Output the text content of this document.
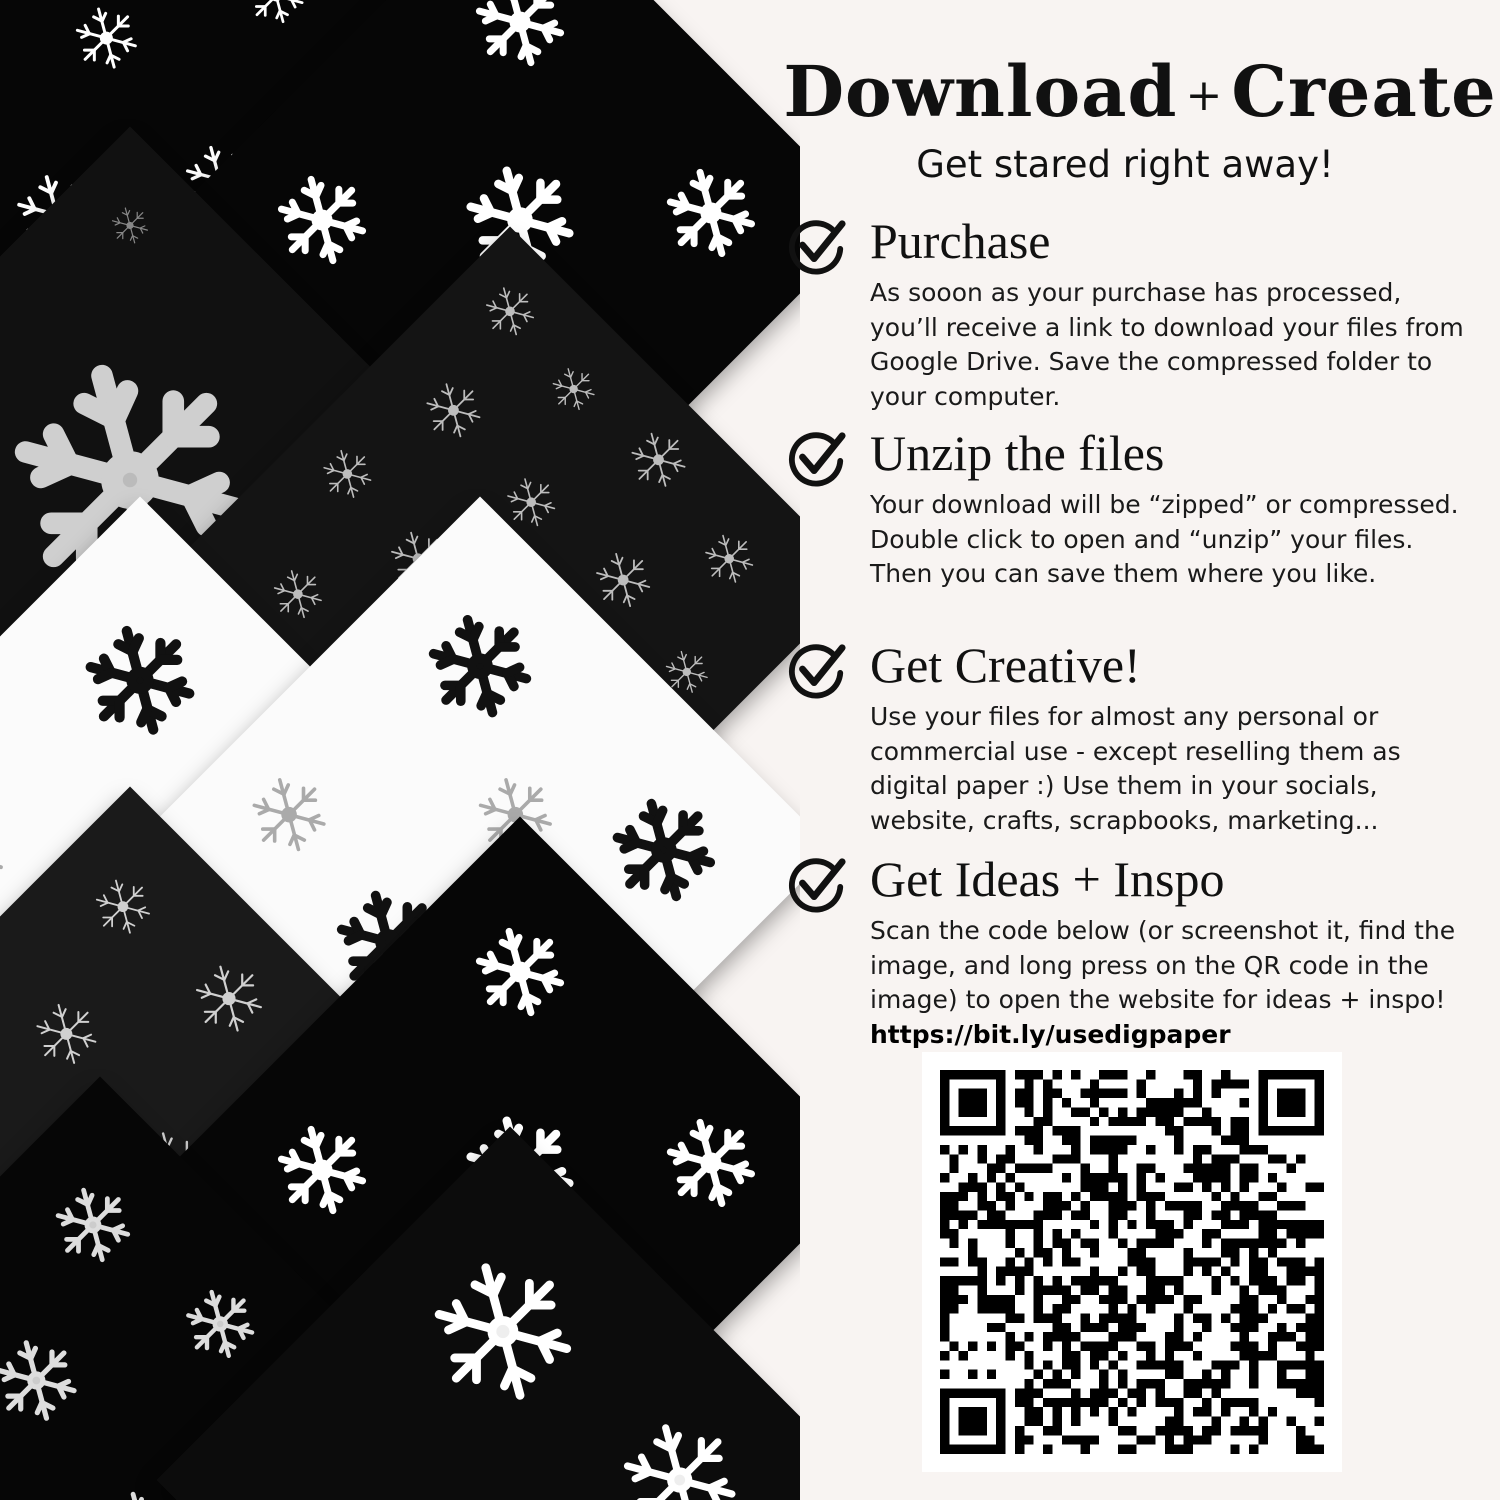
Download + Create
Get stared right away!
Purchase
As sooon as your purchase has processed, you’ll receive a link to download your files from Google Drive. Save the compressed folder to your computer.
Unzip the files
Your download will be “zipped” or compressed. Double click to open and “unzip” your files. Then you can save them where you like.
Get Creative!
Use your files for almost any personal or commercial use - except reselling them as digital paper :) Use them in your socials, website, crafts, scrapbooks, marketing...
Get Ideas + Inspo
Scan the code below (or screenshot it, find the image, and long press on the QR code in the image) to open the website for ideas + inspo! https://bit.ly/usedigpaper
